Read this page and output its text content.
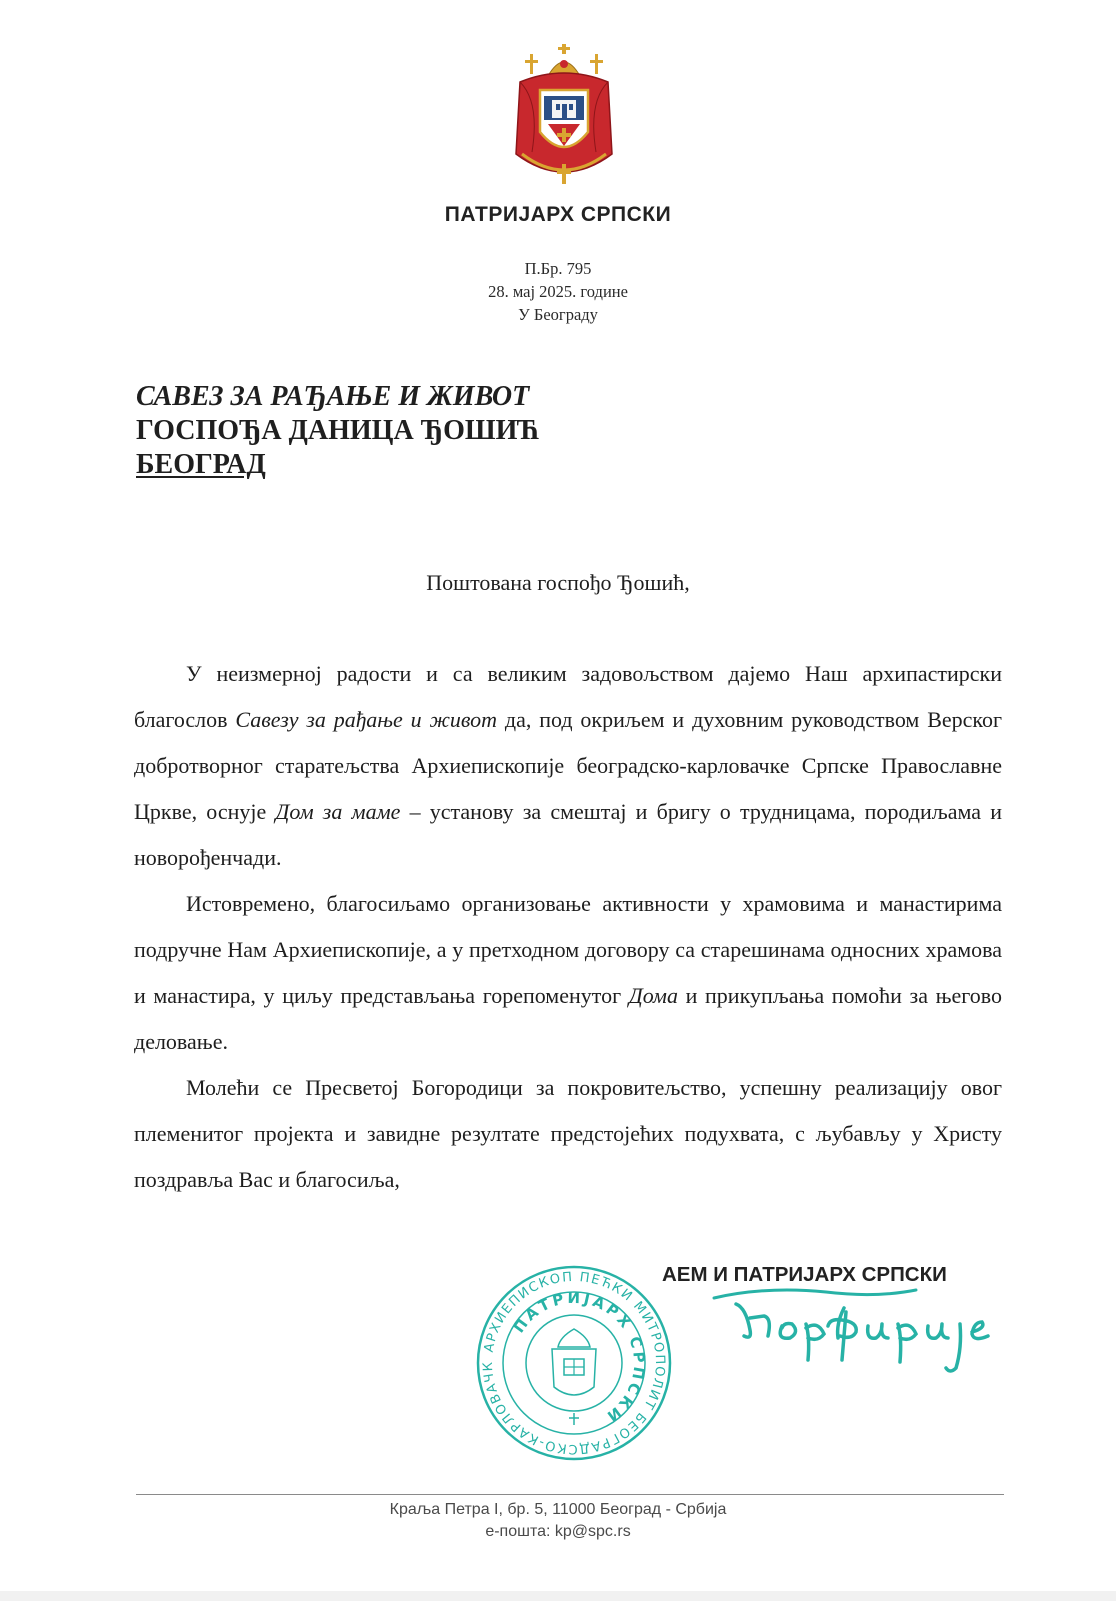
ПАТРИЈАРХ СРПСКИ
П.Бр. 795
28. мај 2025. године
У Београду
САВЕЗ ЗА РАЂАЊЕ И ЖИВОТ
ГОСПОЂА ДАНИЦА ЂОШИЋ
БЕОГРАД
Поштована госпођо Ђошић,

У неизмерној радости и са великим задовољством дајемо Наш архипастирски благослов Савезу за рађање и живот да, под окриљем и духовним руководством Верског добротворног старатељства Архиепископије београдско-карловачке Српске Православне Цркве, оснује Дом за маме – установу за смештај и бригу о трудницама, породиљама и новорођенчади.

Истовремено, благосиљамо организовање активности у храмовима и манастирима подручне Нам Архиепископије, а у претходном договору са старешинама односних храмова и манастира, у циљу представљања горепоменутог Дома и прикупљања помоћи за његово деловање.

Молећи се Пресветој Богородици за покровитељство, успешну реализацију овог племенитог пројекта и завидне резултате предстојећих подухвата, с љубављу у Христу поздравља Вас и благосиља,

АРХИЕПИСКОП ПЕЋКИ МИТРОПОЛИТ БЕОГРАДСКО-КАРЛОВАЧК
ПАТРИЈАРХ СРПСКИ
АЕМ И ПАТРИЈАРХ СРПСКИ
Краља Петра I, бр. 5, 11000 Београд - Србија
е-пошта: kp@spc.rs
